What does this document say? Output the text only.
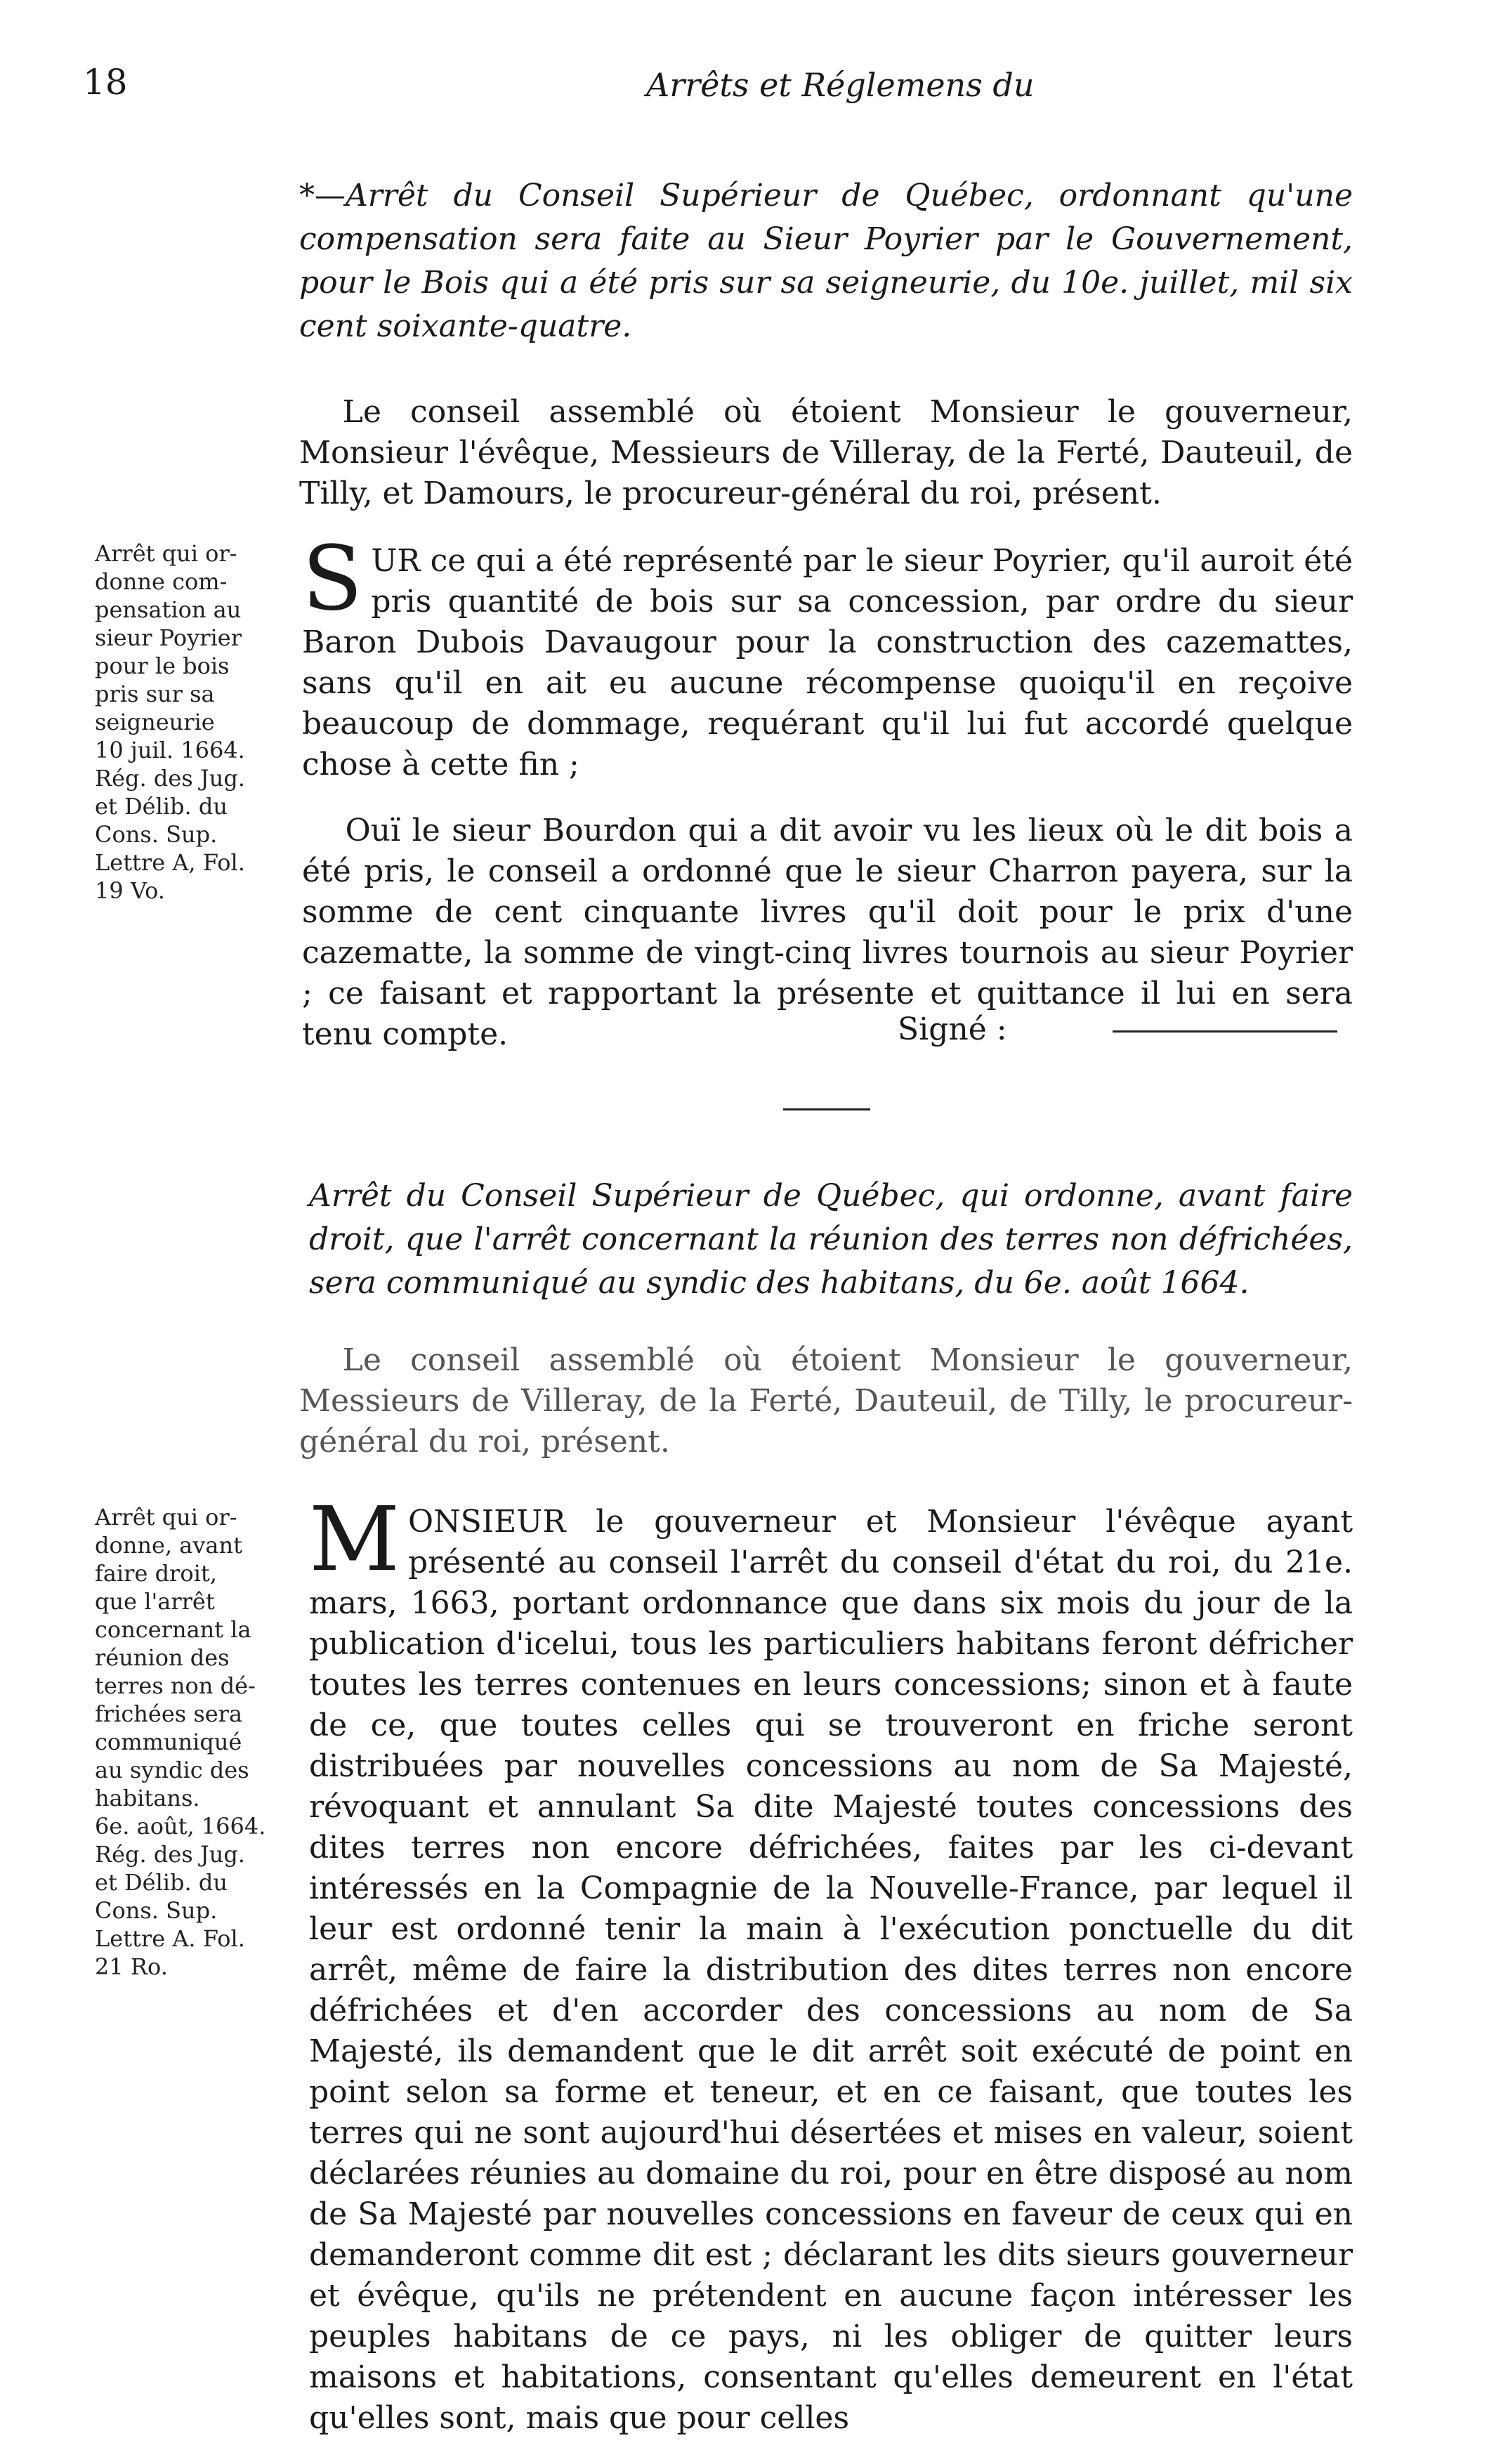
18	Arrêts et Réglemens du
*—Arrêt du Conseil Supérieur de Québec, ordonnant qu'une compensation sera faite au Sieur Poyrier par le Gouvernement, pour le Bois qui a été pris sur sa seigneurie, du 10e. juillet, mil six cent soixante-quatre.

Le conseil assemblé où étoient Monsieur le gouverneur, Monsieur l'évêque, Messieurs de Villeray, de la Ferté, Dauteuil, de Tilly, et Damours, le procureur-général du roi, présent.

Arrêt qui or-
donne com-
pensation au
sieur Poyrier
pour le bois
pris sur sa
seigneurie
10 juil. 1664.
Rég. des Jug.
et Délib. du
Cons. Sup.
Lettre A, Fol.
19 Vo.

SUR ce qui a été représenté par le sieur Poyrier, qu'il auroit été pris quantité de bois sur sa concession, par ordre du sieur Baron Dubois Davaugour pour la construction des cazemattes, sans qu'il en ait eu aucune récompense quoiqu'il en reçoive beaucoup de dommage, requérant qu'il lui fut accordé quelque chose à cette fin ;

Ouï le sieur Bourdon qui a dit avoir vu les lieux où le dit bois a été pris, le conseil a ordonné que le sieur Charron payera, sur la somme de cent cinquante livres qu'il doit pour le prix d'une cazematte, la somme de vingt-cinq livres tournois au sieur Poyrier ; ce faisant et rapportant la présente et quittance il lui en sera tenu compte.	Signé :
Arrêt du Conseil Supérieur de Québec, qui ordonne, avant faire droit, que l'arrêt concernant la réunion des terres non défrichées, sera communiqué au syndic des habitans, du 6e. août 1664.

Le conseil assemblé où étoient Monsieur le gouverneur, Messieurs de Villeray, de la Ferté, Dauteuil, de Tilly, le procureur-général du roi, présent.

Arrêt qui or-
donne, avant
faire droit,
que l'arrêt
concernant la
réunion des
terres non dé-
frichées sera
communiqué
au syndic des
habitans.
6e. août, 1664.
Rég. des Jug.
et Délib. du
Cons. Sup.
Lettre A. Fol.
21 Ro.

MONSIEUR le gouverneur et Monsieur l'évêque ayant présenté au conseil l'arrêt du conseil d'état du roi, du 21e. mars, 1663, portant ordonnance que dans six mois du jour de la publication d'icelui, tous les particuliers habitans feront défricher toutes les terres contenues en leurs concessions; sinon et à faute de ce, que toutes celles qui se trouveront en friche seront distribuées par nouvelles concessions au nom de Sa Majesté, révoquant et annulant Sa dite Majesté toutes concessions des dites terres non encore défrichées, faites par les ci-devant intéressés en la Compagnie de la Nouvelle-France, par lequel il leur est ordonné tenir la main à l'exécution ponctuelle du dit arrêt, même de faire la distribution des dites terres non encore défrichées et d'en accorder des concessions au nom de Sa Majesté, ils demandent que le dit arrêt soit exécuté de point en point selon sa forme et teneur, et en ce faisant, que toutes les terres qui ne sont aujourd'hui désertées et mises en valeur, soient déclarées réunies au domaine du roi, pour en être disposé au nom de Sa Majesté par nouvelles concessions en faveur de ceux qui en demanderont comme dit est ; déclarant les dits sieurs gouverneur et évêque, qu'ils ne prétendent en aucune façon intéresser les peuples habitans de ce pays, ni les obliger de quitter leurs maisons et habitations, consentant qu'elles demeurent en l'état qu'elles sont, mais que pour celles
